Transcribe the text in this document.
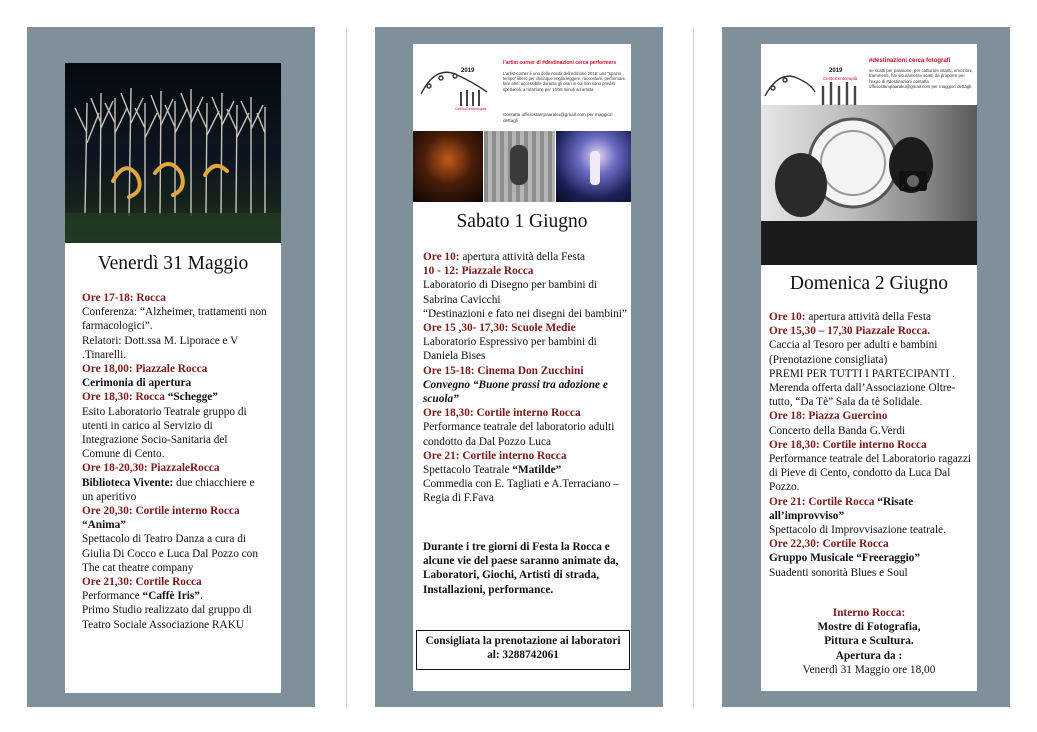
Venerdì 31 Maggio

Ore 17-18: Rocca

Conferenza: “Alzheimer, trattamenti non farmacologici”.

Relatori: Dott.ssa M. Liporace e V .Tinarelli.

Ore 18,00: Piazzale Rocca

Cerimonia di apertura

Ore 18,30: Rocca “Schegge”

Esito Laboratorio Teatrale gruppo di utenti in carico al Servizio di Integrazione Socio-Sanitaria del Comune di Cento.

Ore 18-20,30: PiazzaleRocca

Biblioteca Vivente: due chiacchiere e un aperitivo

Ore 20,30: Cortile interno Rocca “Anima”

Spettacolo di Teatro Danza a cura di Giulia Di Cocco e Luca Dal Pozzo con The cat theatre company

Ore 21,30: Cortile Rocca

Performance “Caffè Iris”.

Primo Studio realizzato dal gruppo di Teatro Sociale Associazione RAKU

2019
CentoCentoeuplà
l’artist corner di #destinazioni cerca performers
L’artist-corner è uno delle novità dell’edizione 2019: uno “spazio tempo” libero per chiunque voglia leggere, raccontare, performare, fare arte; accessibile durante gli orari in cui non sono previsti spettacoli, a rotazione per 10/15 minuti ad artista.
Contatta ufficiostampaaraku@gmail.com per maggiori dettagli
Sabato 1 Giugno

Ore 10: apertura attività della Festa

10 - 12: Piazzale Rocca

Laboratorio di Disegno per bambini di Sabrina Cavicchi

“Destinazioni e fato nei disegni dei bambini”

Ore 15 ,30- 17,30: Scuole Medie

Laboratorio Espressivo per bambini di Daniela Bises

Ore 15-18: Cinema Don Zucchini

Convegno “Buone prassi tra adozione e scuola”

Ore 18,30: Cortile interno Rocca

Performance teatrale del laboratorio adulti condotto da Dal Pozzo Luca

Ore 21: Cortile interno Rocca

Spettacolo Teatrale “Matilde”

Commedia con E. Tagliati e A.Terraciano – Regia di F.Fava

Durante i tre giorni di Festa la Rocca e alcune vie del paese saranno animate da, Laboratori, Giochi, Artisti di strada, Installazioni, performance.
Consigliata la prenotazione ai laboratori al: 3288742061
2019
CentoCentoeuplà
#destinazioni cerca fotografi
se scatti per passione, per catturare istanti, emozioni, frammenti, hai sicuramente scatti da proporre per l’expo di #destinazioni contatta ufficiostampaaraku@gmail.com per maggiori dettagli.
Domenica 2 Giugno

Ore 10: apertura attività della Festa

Ore 15,30 – 17,30 Piazzale Rocca.

Caccia al Tesoro per adulti e bambini (Prenotazione consigliata)

PREMI PER TUTTI I PARTECIPANTI .

Merenda offerta dall’Associazione Oltre-tutto, “Da Tè” Sala da tè Solidale.

Ore 18: Piazza Guercino

Concerto della Banda G.Verdi

Ore 18,30: Cortile interno Rocca

Performance teatrale del Laboratorio ragazzi di Pieve di Cento, condotto da Luca Dal Pozzo.

Ore 21: Cortile Rocca “Risate all’improvviso”

Spettacolo di Improvvisazione teatrale.

Ore 22,30: Cortile Rocca

Gruppo Musicale “Freeraggio”

Suadenti sonorità Blues e Soul

Interno Rocca:

Mostre di Fotografia,

Pittura e Scultura.

Apertura da :

Venerdì 31 Maggio ore 18,00
